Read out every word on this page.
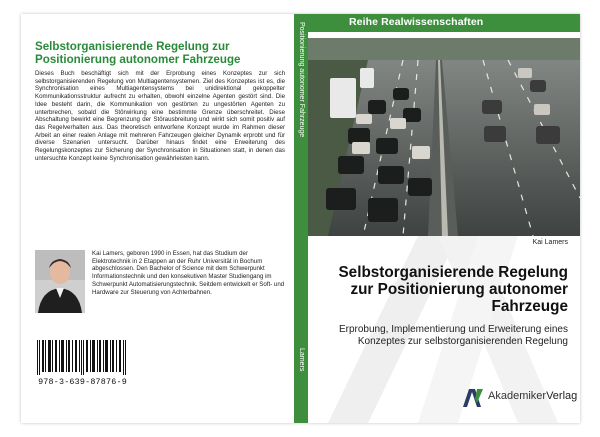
Selbstorganisierende Regelung zur Positionierung autonomer Fahrzeuge
Dieses Buch beschäftigt sich mit der Erprobung eines Konzeptes zur sich selbstorganisierenden Regelung von Multiagentensystemen. Ziel des Konzeptes ist es, die Synchronisation eines Multiagentensystems bei unidirektional gekoppelter Kommunikationsstruktur aufrecht zu erhalten, obwohl einzelne Agenten gestört sind. Die Idee besteht darin, die Kommunikation von gestörten zu ungestörten Agenten zu unterbrechen, sobald die Störwirkung eine bestimmte Grenze überschreitet. Diese Abschaltung bewirkt eine Begrenzung der Störausbreitung und wirkt sich somit positiv auf das Regelverhalten aus. Das theoretisch entworfene Konzept wurde im Rahmen dieser Arbeit an einer realen Anlage mit mehreren Fahrzeugen gleicher Dynamik erprobt und für diverse Szenarien untersucht. Darüber hinaus findet eine Erweiterung des Regelungskonzeptes zur Sicherung der Synchronisation in Situationen statt, in denen das untersuchte Konzept keine Synchronisation gewährleisten kann.
Kai Lamers, geboren 1990 in Essen, hat das Studium der Elektrotechnik in 2 Etappen an der Ruhr Universität in Bochum abgeschlossen. Den Bachelor of Science mit dem Schwerpunkt Informationstechnik und den konsekutiven Master Studiengang im Schwerpunkt Automatisierungstechnik. Seitdem entwickelt er Soft- und Hardware zur Steuerung von Achterbahnen.
978-3-639-87876-9
Positionierung autonomer Fahrzeuge
Lamers
Reihe Realwissenschaften
Kai Lamers
Selbstorganisierende Regelung zur Positionierung autonomer Fahrzeuge
Erprobung, Implementierung und Erweiterung eines Konzeptes zur selbstorganisierenden Regelung
AkademikerVerlag
